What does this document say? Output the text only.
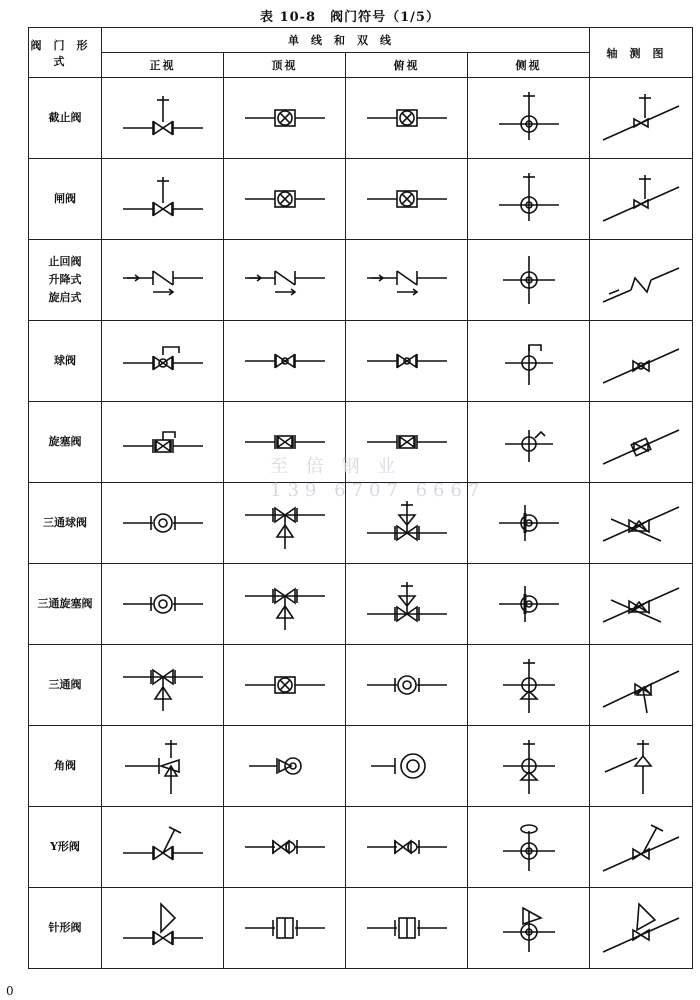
表 10-8　阀门符号（1/5）
阀门形式	单线和双线				轴测图
	正视	顶视	俯视	侧视	
截止阀	

闸阀	

止回阀
升降式
旋启式	

球阀	

旋塞阀	

三通球阀	

三通旋塞阀	

三通阀	

角阀	

Y形阀	

针形阀	

至 倍 钢 业
139 6707 6667
0
